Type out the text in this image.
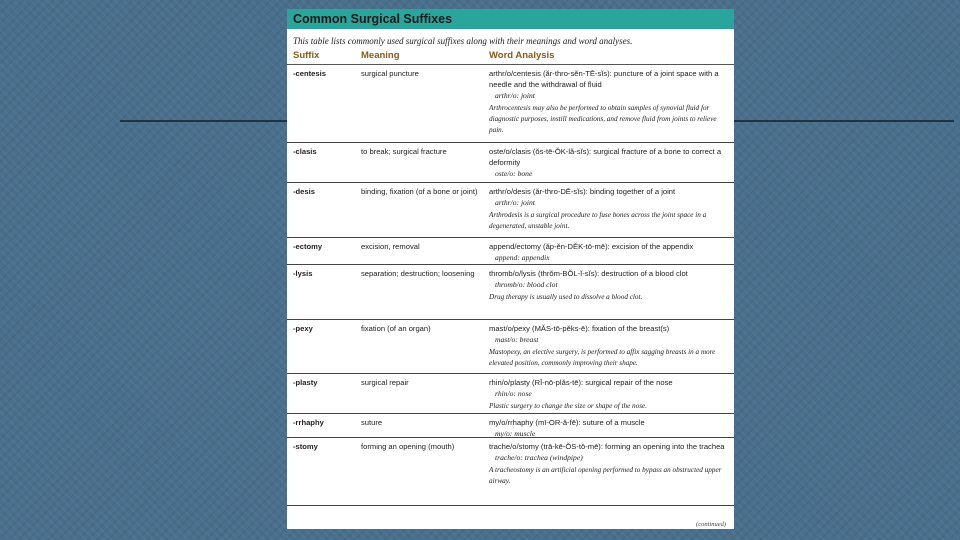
Common Surgical Suffixes
This table lists commonly used surgical suffixes along with their meanings and word analyses.
Suffix	Meaning	Word Analysis
-centesis	surgical puncture	arthr/o/centesis (ăr-thro-sĕn-TĒ-sĭs): puncture of a joint space with a needle and the withdrawal of fluid
arthr/o: joint
Arthrocentesis may also be performed to obtain samples of synovial fluid for diagnostic purposes, instill medications, and remove fluid from joints to relieve pain.
-clasis	to break; surgical fracture	oste/o/clasis (ŏs-tē-ŎK-lă-sĭs): surgical fracture of a bone to correct a deformity
oste/o: bone
-desis	binding, fixation (of a bone or joint)	arthr/o/desis (ăr-thro-DĒ-sĭs): binding together of a joint
arthr/o: joint
Arthrodesis is a surgical procedure to fuse bones across the joint space in a degenerated, unstable joint.
-ectomy	excision, removal	append/ectomy (ăp-ĕn-DĔK-tō-mē): excision of the appendix
append: appendix
-lysis	separation; destruction; loosening	thromb/o/lysis (thrŏm-BŎL-ĭ-sĭs): destruction of a blood clot
thromb/o: blood clot
Drug therapy is usually used to dissolve a blood clot.
-pexy	fixation (of an organ)	mast/o/pexy (MĂS-tō-pĕks-ē): fixation of the breast(s)
mast/o: breast
Mastopexy, an elective surgery, is performed to affix sagging breasts in a more elevated position, commonly improving their shape.
-plasty	surgical repair	rhin/o/plasty (RĪ-nō-plăs-tē): surgical repair of the nose
rhin/o: nose
Plastic surgery to change the size or shape of the nose.
-rrhaphy	suture	my/o/rrhaphy (mī-OR-ă-fē): suture of a muscle
my/o: muscle
-stomy	forming an opening (mouth)	trache/o/stomy (trā-kē-ŎS-tō-mē): forming an opening into the trachea
trache/o: trachea (windpipe)
A tracheostomy is an artificial opening performed to bypass an obstructed upper airway.
(continued)
